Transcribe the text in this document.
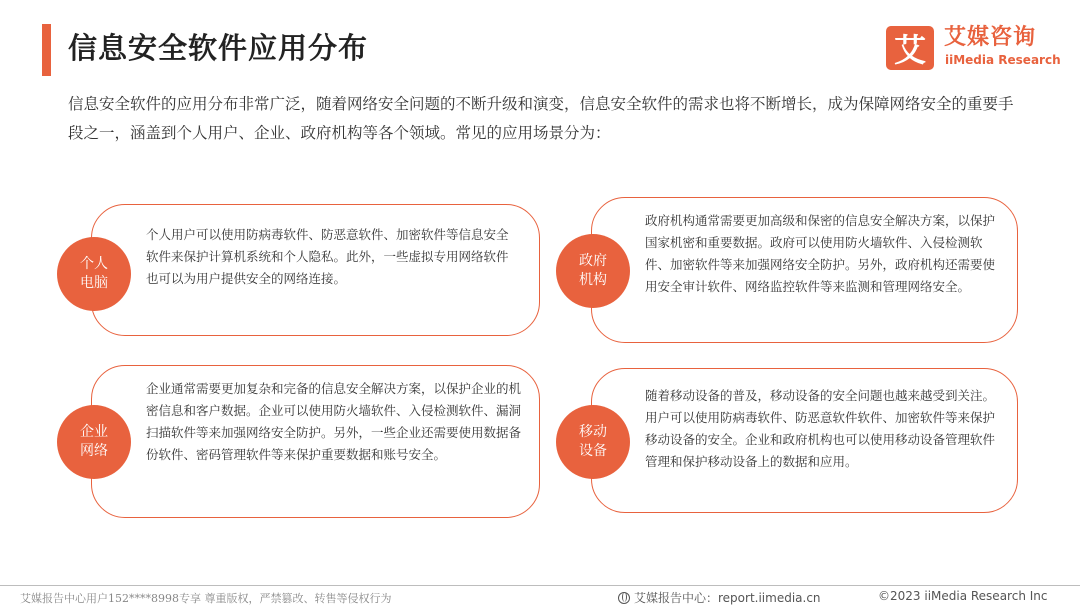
信息安全软件应用分布	艾 艾媒咨询
iiMedia Research
信息安全软件的应用分布非常广泛，随着网络安全问题的不断升级和演变，信息安全软件的需求也将不断增长，成为保障网络安全的重要手段之一，涵盖到个人用户、企业、政府机构等各个领域。常见的应用场景分为：
个人用户可以使用防病毒软件、防恶意软件、加密软件等信息安全软件来保护计算机系统和个人隐私。此外，一些虚拟专用网络软件也可以为用户提供安全的网络连接。
个人电脑
政府机构通常需要更加高级和保密的信息安全解决方案，以保护国家机密和重要数据。政府可以使用防火墙软件、入侵检测软件、加密软件等来加强网络安全防护。另外，政府机构还需要使用安全审计软件、网络监控软件等来监测和管理网络安全。
政府机构
企业通常需要更加复杂和完备的信息安全解决方案，以保护企业的机密信息和客户数据。企业可以使用防火墙软件、入侵检测软件、漏洞扫描软件等来加强网络安全防护。另外，一些企业还需要使用数据备份软件、密码管理软件等来保护重要数据和账号安全。
企业网络
随着移动设备的普及，移动设备的安全问题也越来越受到关注。用户可以使用防病毒软件、防恶意软件软件、加密软件等来保护移动设备的安全。企业和政府机构也可以使用移动设备管理软件管理和保护移动设备上的数据和应用。
移动设备
艾媒报告中心用户152****8998专享 尊重版权，严禁篡改、转售等侵权行为	艾媒报告中心：report.iimedia.cn	©2023 iiMedia Research Inc
